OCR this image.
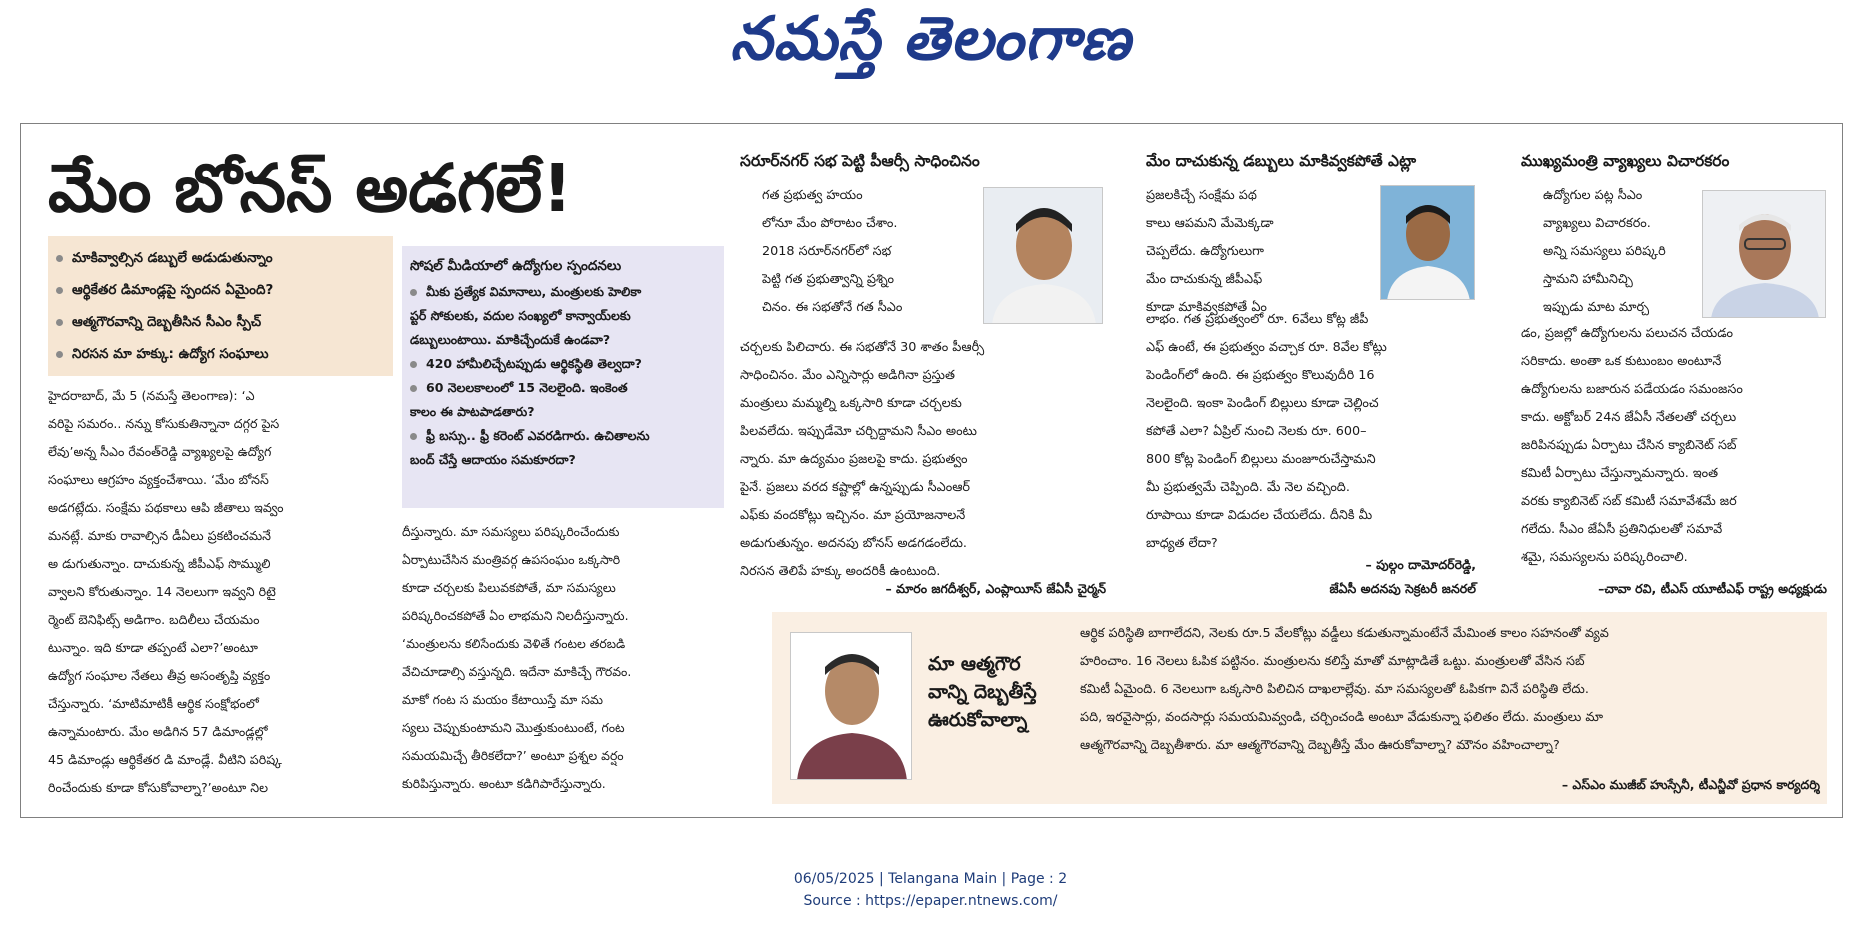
నమస్తే తెలంగాణ
మేం బోనస్‌ అడగలే!
మాకివ్వాల్సిన డబ్బులే అడుడుతున్నాం
ఆర్థికేతర డిమాండ్లపై స్పందన ఏమైంది?
ఆత్మగౌరవాన్ని దెబ్బతీసిన సీఎం స్పీచ్
నిరసన మా హక్కు: ఉద్యోగ సంఘాలు
సోషల్‌ మీడియాలో ఉద్యోగుల స్పందనలు
మీకు ప్రత్యేక విమానాలు, మంత్రులకు హెలికా
ప్టర్‌ సోకులకు, వదుల సంఖ్యలో కాన్వాయ్‌లకు
డబ్బులుంటాయి. మాకిచ్చేందుకే ఉండవా?
420 హామీలిచ్చేటప్పుడు ఆర్థికస్థితి తెల్వదా?
60 నెలలకాలంలో 15 నెలలైంది. ఇంకెంత
కాలం ఈ పాటపాడతారు?
ఫ్రీ బస్సు.. ఫ్రీ కరెంట్‌ ఎవరడిగారు. ఉచితాలను
బంద్‌ చేస్తే ఆదాయం సమకూరదా?
హైదరాబాద్‌, మే 5 (నమస్తే తెలంగాణ): ‘ఎ
వరిపై సమరం.. నన్ను కోసుకుతిన్నానా దగ్గర పైస
లేవు’అన్న సీఎం రేవంత్‌రెడ్డి వ్యాఖ్యలపై ఉద్యోగ
సంఘాలు ఆగ్రహం వ్యక్తంచేశాయి. ‘మేం బోనస్‌
అడగట్లేదు. సంక్షేమ పథకాలు ఆపి జీతాలు ఇవ్వం
మనట్లే. మాకు రావాల్సిన డీఏలు ప్రకటించమనే
అ డుగుతున్నాం. దాచుకున్న జీపీఎఫ్‌ సొమ్ములి
వ్వాలని కోరుతున్నాం. 14 నెలలుగా ఇవ్వని రిటై
ర్మెంట్‌ బెనిఫిట్స్‌ అడిగాం. బదిలీలు చేయమం
టున్నాం. ఇది కూడా తప్పంటే ఎలా?’అంటూ
ఉద్యోగ సంఘాల నేతలు తీవ్ర అసంతృప్తి వ్యక్తం
చేస్తున్నారు. ‘మాటిమాటికీ ఆర్థిక సంక్షోభంలో
ఉన్నామంటారు. మేం అడిగిన 57 డిమాండ్లల్లో
45 డిమాండ్లు ఆర్థికేతర డి మాండ్లే. వీటిని పరిష్క
రించేందుకు కూడా కోసుకోవాల్నా?’అంటూ నిల
దీస్తున్నారు. మా సమస్యలు పరిష్కరించేందుకు
ఏర్పాటుచేసిన మంత్రివర్గ ఉపసంఘం ఒక్కసారి
కూడా చర్చలకు పిలువకపోతే, మా సమస్యలు
పరిష్కరించకపోతే ఏం లాభమని నిలదీస్తున్నారు.
‘మంత్రులను కలిసేందుకు వెళితే గంటల తరబడి
వేచిచూడాల్సి వస్తున్నది. ఇదేనా మాకిచ్చే గౌరవం.
మాకో గంట స మయం కేటాయిస్తే మా సమ
స్యలు చెప్పుకుంటామని మొత్తుకుంటుంటే, గంట
సమయమిచ్చే తీరికలేదా?’ అంటూ ప్రశ్నల వర్షం
కురిపిస్తున్నారు. అంటూ కడిగిపారేస్తున్నారు.
సరూర్‌నగర్‌ సభ పెట్టి పీఆర్సీ సాధించినం
గత ప్రభుత్వ హయం
లోనూ మేం పోరాటం చేశాం.
2018 సరూర్‌నగర్‌లో సభ
పెట్టి గత ప్రభుత్వాన్ని ప్రశ్నిం
చినం. ఈ సభతోనే గత సీఎం
చర్చలకు పిలిచారు. ఈ సభతోనే 30 శాతం పీఆర్సీ
సాధించినం. మేం ఎన్నిసార్లు అడిగినా ప్రస్తుత
మంత్రులు మమ్మల్ని ఒక్కసారి కూడా చర్చలకు
పిలవలేదు. ఇప్పుడేమో చర్చిద్దామని సీఎం అంటు
న్నారు. మా ఉద్యమం ప్రజలపై కాదు. ప్రభుత్వం
పైనే. ప్రజలు వరద కష్టాల్లో ఉన్నప్పుడు సీఎంఆర్‌
ఎఫ్‌కు వందకోట్లు ఇచ్చినం. మా ప్రయోజనాలనే
అడుగుతున్నం. అదనపు బోనస్‌ అడగడంలేదు.
నిరసన తెలిపే హక్కు అందరికీ ఉంటుంది.
– మారం జగదీశ్వర్‌, ఎంప్లాయీస్‌ జేఏసీ చైర్మన్‌
మేం దాచుకున్న డబ్బులు మాకివ్వకపోతే ఎట్లా
ప్రజలకిచ్చే సంక్షేమ పథ
కాలు ఆపమని మేమెక్కడా
చెప్పలేదు. ఉద్యోగులుగా
మేం దాచుకున్న జీపీఎఫ్‌
కూడా మాకివ్వకపోతే ఏం
లాభం. గత ప్రభుత్వంలో రూ. 6వేలు కోట్ల జీపీ
ఎఫ్‌ ఉంటే, ఈ ప్రభుత్వం వచ్చాక రూ. 8వేల కోట్లు
పెండింగ్‌లో ఉంది. ఈ ప్రభుత్వం కొలువుదీరి 16
నెలలైంది. ఇంకా పెండింగ్‌ బిల్లులు కూడా చెల్లించ
కపోతే ఎలా? ఏప్రిల్‌ నుంచి నెలకు రూ. 600–
800 కోట్ల పెండింగ్‌ బిల్లులు మంజూరుచేస్తామని
మీ ప్రభుత్వమే చెప్పింది. మే నెల వచ్చింది.
రూపాయి కూడా విడుదల చేయలేదు. దీనికి మీ
బాధ్యత లేదా?
– పుల్గం దామోదర్‌రెడ్డి,
జేఏసీ అదనపు సెక్రటరీ జనరల్‌
ముఖ్యమంత్రి వ్యాఖ్యలు విచారకరం
ఉద్యోగుల పట్ల సీఎం
వ్యాఖ్యలు విచారకరం.
అన్ని సమస్యలు పరిష్కరి
స్తామని హామీనిచ్చి
ఇప్పుడు మాట మార్చ
డం, ప్రజల్లో ఉద్యోగులను పలుచన చేయడం
సరికాదు. అంతా ఒక కుటుంబం అంటూనే
ఉద్యోగులను బజారున పడేయడం సమంజసం
కాదు. అక్టోబర్‌ 24న జేఏసీ నేతలతో చర్చలు
జరిపినప్పుడు ఏర్పాటు చేసిన క్యాబినెట్‌ సబ్‌
కమిటీ ఏర్పాటు చేస్తున్నామన్నారు. ఇంత
వరకు క్యాబినెట్‌ సబ్‌ కమిటీ సమావేశమే జర
గలేదు. సీఎం జేఏసీ ప్రతినిధులతో సమావే
శమై, సమస్యలను పరిష్కరించాలి.
–చావా రవి, టీఎస్‌ యూటీఎఫ్‌ రాష్ట్ర అధ్యక్షుడు
మా ఆత్మగౌర
వాన్ని దెబ్బతీస్తే
ఊరుకోవాల్నా
ఆర్థిక పరిస్థితి బాగాలేదని, నెలకు రూ.5 వేలకోట్లు వడ్డీలు కడుతున్నామంటేనే మేమింత కాలం సహనంతో వ్యవ
హరించాం. 16 నెలలు ఓపిక పట్టినం. మంత్రులను కలిస్తే మాతో మాట్లాడితే ఒట్టు. మంత్రులతో వేసిన సబ్‌
కమిటీ ఏమైంది. 6 నెలలుగా ఒక్కసారి పిలిచిన దాఖలాల్లేవు. మా సమస్యలతో ఓపికగా వినే పరిస్థితి లేదు.
పది, ఇరవైసార్లు, వందసార్లు సమయమివ్వండి, చర్చించండి అంటూ వేడుకున్నా ఫలితం లేదు. మంత్రులు మా
ఆత్మగౌరవాన్ని దెబ్బతీశారు. మా ఆత్మగౌరవాన్ని దెబ్బతీస్తే మేం ఊరుకోవాల్నా? మౌనం వహించాల్నా?
– ఎస్‌ఎం ముజీబ్‌ హుస్సేనీ, టీఎన్జీవో ప్రధాన కార్యదర్శి
06/05/2025 | Telangana Main | Page : 2
Source : https://epaper.ntnews.com/
